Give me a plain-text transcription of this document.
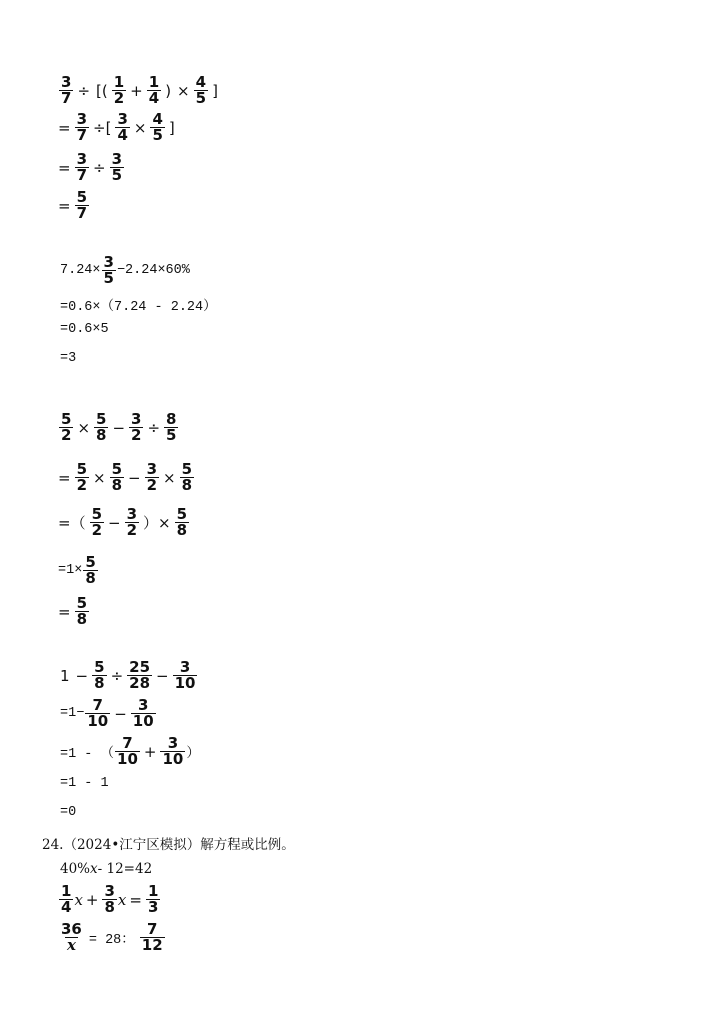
$\frac{3}{7}$ ÷ [( $\frac{1}{2} + \frac{1}{4}$ ) × $\frac{4}{5}$ ]
= $\frac{3}{7}$ ÷[ $\frac{3}{4} \times \frac{4}{5}$ ]
= $\frac{3}{7} \div \frac{3}{5}$
= $\frac{5}{7}$
$7.24\times \frac{3}{5} -2.24\times 60\%$
=0.6×（7.24 - 2.24）
=0.6×5
=3
$\frac{5}{2} \times \frac{5}{8} - \frac{3}{2} \div \frac{8}{5}$
= $\frac{5}{2} \times \frac{5}{8} - \frac{3}{2} \times \frac{5}{8}$
=（ $\frac{5}{2} - \frac{3}{2}$ ）× $\frac{5}{8}$
$=1\times \frac{5}{8}$
= $\frac{5}{8}$
$1 - \frac{5}{8} \div \frac{25}{28} - \frac{3}{10}$
$=1- \frac{7}{10} - \frac{3}{10}$
=1 - （ $\frac{7}{10} + \frac{3}{10}$ ）
=1 - 1
=0
24.（2024•江宁区模拟）解方程或比例。
40% x - 12=42
$\frac{1}{4}$ $x + \frac{3}{8}$ $x = \frac{1}{3}$
$\frac{36}{x} = 28$： $\frac{7}{12}$
